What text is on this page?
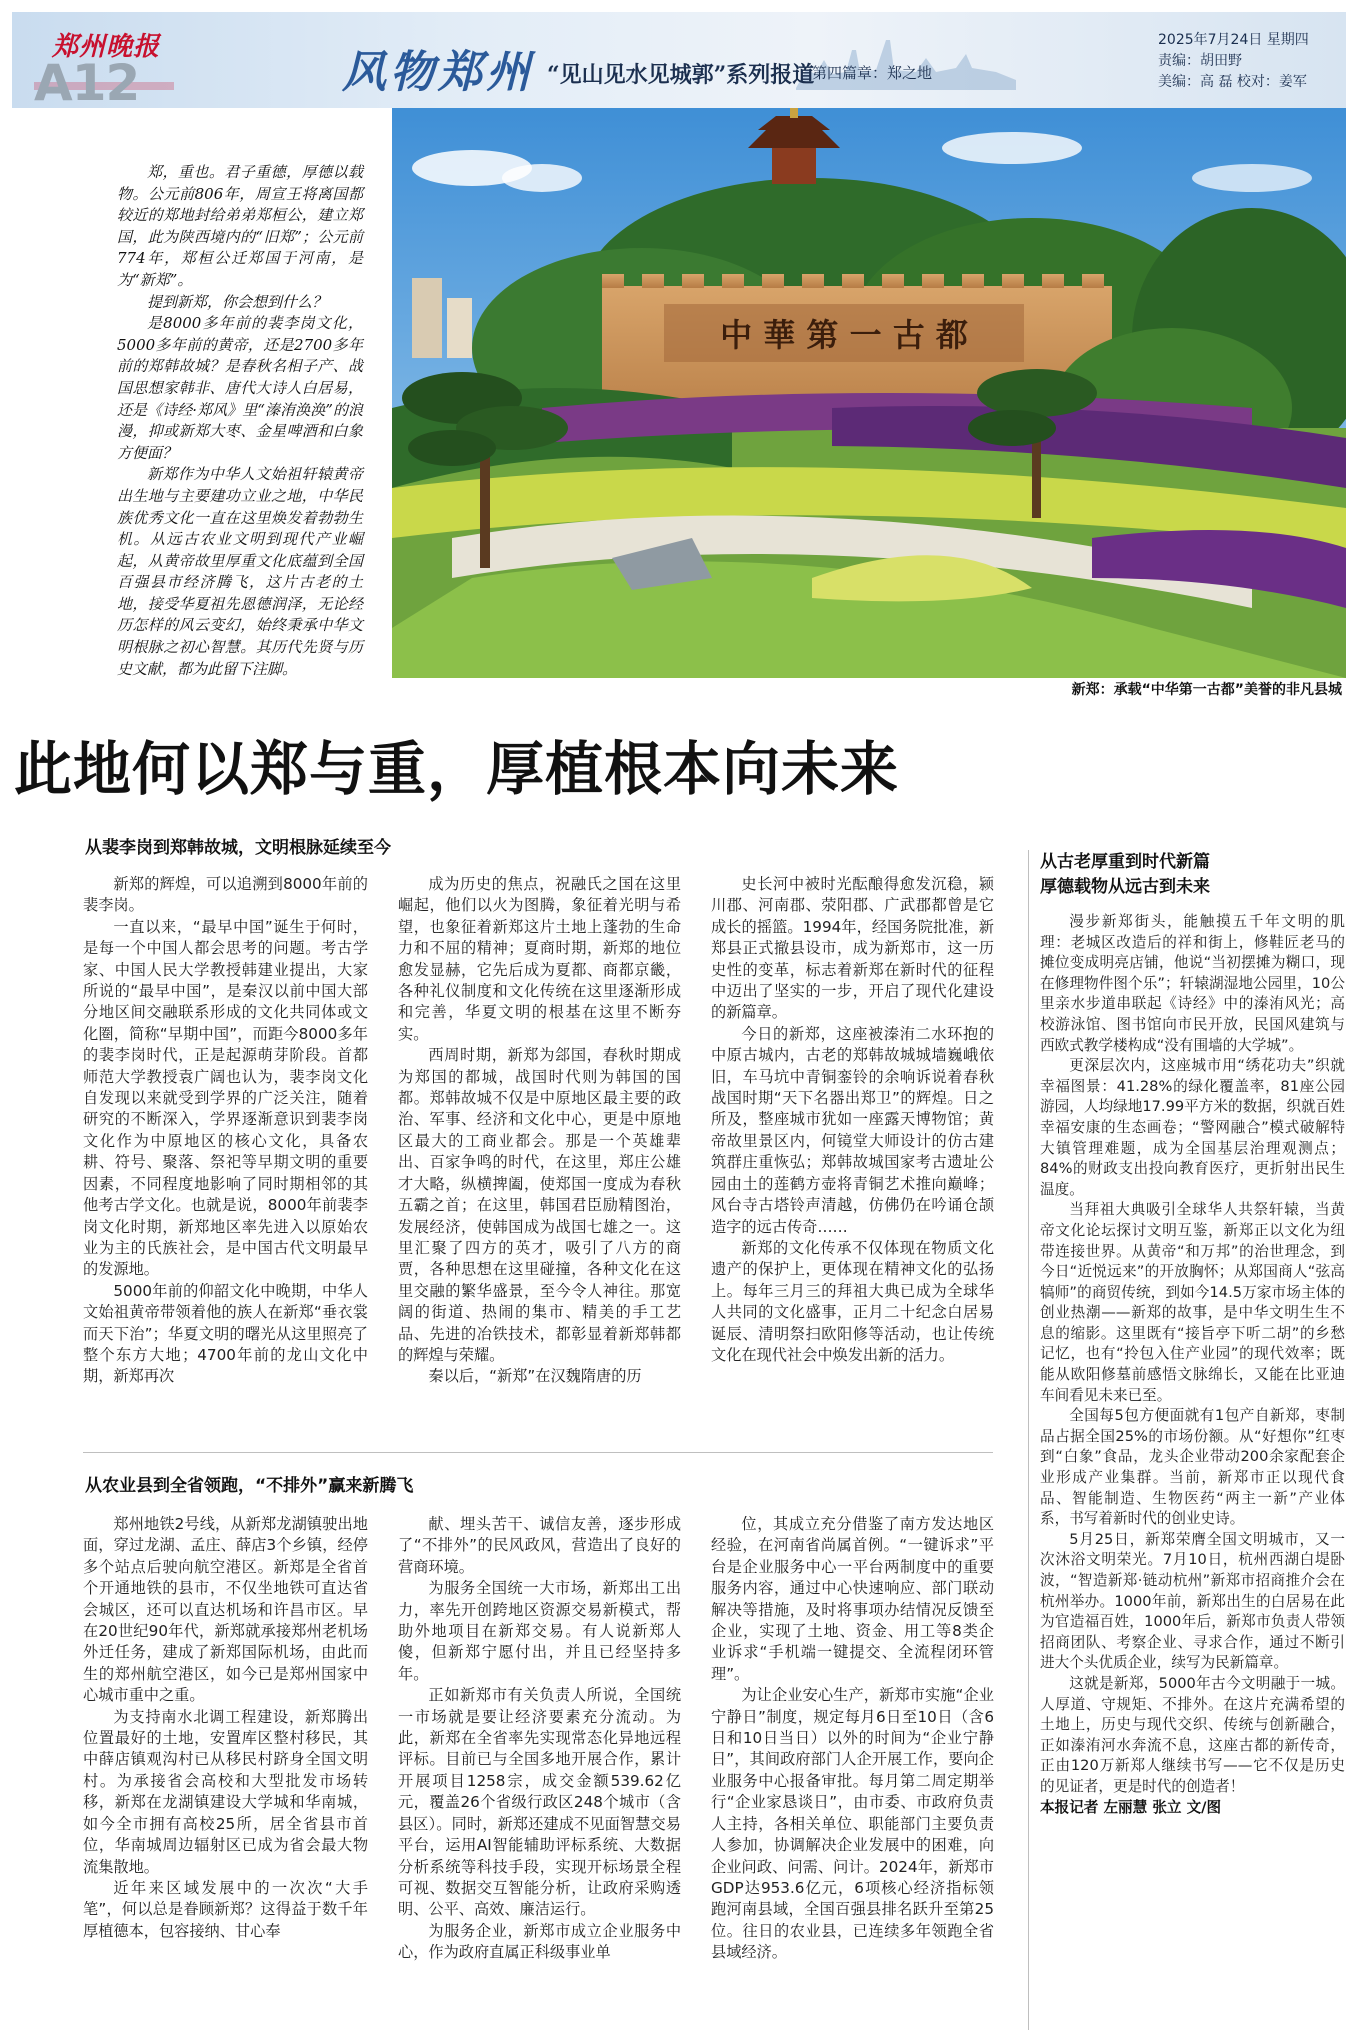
郑州晚报
A12	风物郑州 “见山见水见城郭”系列报道
第四篇章：郑之地
2025年7月24日 星期四
责编：胡田野
美编：高 磊 校对：姜军

郑，重也。君子重德，厚德以载物。公元前806年，周宣王将离国都较近的郑地封给弟弟郑桓公，建立郑国，此为陕西境内的“旧郑”；公元前774年，郑桓公迁郑国于河南，是为“新郑”。

提到新郑，你会想到什么？

是8000多年前的裴李岗文化，5000多年前的黄帝，还是2700多年前的郑韩故城？是春秋名相子产、战国思想家韩非、唐代大诗人白居易，还是《诗经·郑风》里“溱洧涣涣”的浪漫，抑或新郑大枣、金星啤酒和白象方便面？

新郑作为中华人文始祖轩辕黄帝出生地与主要建功立业之地，中华民族优秀文化一直在这里焕发着勃勃生机。从远古农业文明到现代产业崛起，从黄帝故里厚重文化底蕴到全国百强县市经济腾飞，这片古老的土地，接受华夏祖先恩德润泽，无论经历怎样的风云变幻，始终秉承中华文明根脉之初心智慧。其历代先贤与历史文献，都为此留下注脚。

中 華 第 一 古 都
新郑：承载“中华第一古都”美誉的非凡县城
此地何以郑与重，厚植根本向未来
从裴李岗到郑韩故城，文明根脉延续至今

新郑的辉煌，可以追溯到8000年前的裴李岗。

一直以来，“最早中国”诞生于何时，是每一个中国人都会思考的问题。考古学家、中国人民大学教授韩建业提出，大家所说的“最早中国”，是秦汉以前中国大部分地区间交融联系形成的文化共同体或文化圈，简称“早期中国”，而距今8000多年的裴李岗时代，正是起源萌芽阶段。首都师范大学教授袁广阔也认为，裴李岗文化自发现以来就受到学界的广泛关注，随着研究的不断深入，学界逐渐意识到裴李岗文化作为中原地区的核心文化，具备农耕、符号、聚落、祭祀等早期文明的重要因素，不同程度地影响了同时期相邻的其他考古学文化。也就是说，8000年前裴李岗文化时期，新郑地区率先进入以原始农业为主的氏族社会，是中国古代文明最早的发源地。

5000年前的仰韶文化中晚期，中华人文始祖黄帝带领着他的族人在新郑“垂衣裳而天下治”；华夏文明的曙光从这里照亮了整个东方大地；4700年前的龙山文化中期，新郑再次

成为历史的焦点，祝融氏之国在这里崛起，他们以火为图腾，象征着光明与希望，也象征着新郑这片土地上蓬勃的生命力和不屈的精神；夏商时期，新郑的地位愈发显赫，它先后成为夏都、商都京畿，各种礼仪制度和文化传统在这里逐渐形成和完善，华夏文明的根基在这里不断夯实。

西周时期，新郑为郐国，春秋时期成为郑国的都城，战国时代则为韩国的国都。郑韩故城不仅是中原地区最主要的政治、军事、经济和文化中心，更是中原地区最大的工商业都会。那是一个英雄辈出、百家争鸣的时代，在这里，郑庄公雄才大略，纵横捭阖，使郑国一度成为春秋五霸之首；在这里，韩国君臣励精图治，发展经济，使韩国成为战国七雄之一。这里汇聚了四方的英才，吸引了八方的商贾，各种思想在这里碰撞，各种文化在这里交融的繁华盛景，至今令人神往。那宽阔的街道、热闹的集市、精美的手工艺品、先进的冶铁技术，都彰显着新郑韩都的辉煌与荣耀。

秦以后，“新郑”在汉魏隋唐的历

史长河中被时光酝酿得愈发沉稳，颍川郡、河南郡、荥阳郡、广武郡都曾是它成长的摇篮。1994年，经国务院批准，新郑县正式撤县设市，成为新郑市，这一历史性的变革，标志着新郑在新时代的征程中迈出了坚实的一步，开启了现代化建设的新篇章。

今日的新郑，这座被溱洧二水环抱的中原古城内，古老的郑韩故城城墙巍峨依旧，车马坑中青铜銮铃的余响诉说着春秋战国时期“天下名器出郑卫”的辉煌。日之所及，整座城市犹如一座露天博物馆；黄帝故里景区内，何镜堂大师设计的仿古建筑群庄重恢弘；郑韩故城国家考古遗址公园由土的莲鹤方壶将青铜艺术推向巅峰；风台寺古塔铃声清越，仿佛仍在吟诵仓颉造字的远古传奇……

新郑的文化传承不仅体现在物质文化遗产的保护上，更体现在精神文化的弘扬上。每年三月三的拜祖大典已成为全球华人共同的文化盛事，正月二十纪念白居易诞辰、清明祭扫欧阳修等活动，也让传统文化在现代社会中焕发出新的活力。

从农业县到全省领跑，“不排外”赢来新腾飞

郑州地铁2号线，从新郑龙湖镇驶出地面，穿过龙湖、孟庄、薛店3个乡镇，经停多个站点后驶向航空港区。新郑是全省首个开通地铁的县市，不仅坐地铁可直达省会城区，还可以直达机场和许昌市区。早在20世纪90年代，新郑就承接郑州老机场外迁任务，建成了新郑国际机场，由此而生的郑州航空港区，如今已是郑州国家中心城市重中之重。

为支持南水北调工程建设，新郑腾出位置最好的土地，安置库区整村移民，其中薛店镇观沟村已从移民村跻身全国文明村。为承接省会高校和大型批发市场转移，新郑在龙湖镇建设大学城和华南城，如今全市拥有高校25所，居全省县市首位，华南城周边辐射区已成为省会最大物流集散地。

近年来区域发展中的一次次“大手笔”，何以总是眷顾新郑？这得益于数千年厚植德本，包容接纳、甘心奉

献、埋头苦干、诚信友善，逐步形成了“不排外”的民风政风，营造出了良好的营商环境。

为服务全国统一大市场，新郑出工出力，率先开创跨地区资源交易新模式，帮助外地项目在新郑交易。有人说新郑人傻，但新郑宁愿付出，并且已经坚持多年。

正如新郑市有关负责人所说，全国统一市场就是要让经济要素充分流动。为此，新郑在全省率先实现常态化异地远程评标。目前已与全国多地开展合作，累计开展项目1258宗，成交金额539.62亿元，覆盖26个省级行政区248个城市（含县区）。同时，新郑还建成不见面智慧交易平台，运用AI智能辅助评标系统、大数据分析系统等科技手段，实现开标场景全程可视、数据交互智能分析，让政府采购透明、公平、高效、廉洁运行。

为服务企业，新郑市成立企业服务中心，作为政府直属正科级事业单

位，其成立充分借鉴了南方发达地区经验，在河南省尚属首例。“一键诉求”平台是企业服务中心一平台两制度中的重要服务内容，通过中心快速响应、部门联动解决等措施，及时将事项办结情况反馈至企业，实现了土地、资金、用工等8类企业诉求“手机端一键提交、全流程闭环管理”。

为让企业安心生产，新郑市实施“企业宁静日”制度，规定每月6日至10日（含6日和10日当日）以外的时间为“企业宁静日”，其间政府部门人企开展工作，要向企业服务中心报备审批。每月第二周定期举行“企业家恳谈日”，由市委、市政府负责人主持，各相关单位、职能部门主要负责人参加，协调解决企业发展中的困难，向企业问政、问需、问计。2024年，新郑市GDP达953.6亿元，6项核心经济指标领跑河南县域，全国百强县排名跃升至第25位。往日的农业县，已连续多年领跑全省县域经济。

从古老厚重到时代新篇
厚德载物从远古到未来

漫步新郑街头，能触摸五千年文明的肌理：老城区改造后的祥和街上，修鞋匠老马的摊位变成明亮店铺，他说“当初摆摊为糊口，现在修理物件图个乐”；轩辕湖湿地公园里，10公里亲水步道串联起《诗经》中的溱洧风光；高校游泳馆、图书馆向市民开放，民国风建筑与西欧式教学楼构成“没有围墙的大学城”。

更深层次内，这座城市用“绣花功夫”织就幸福图景：41.28%的绿化覆盖率，81座公园游园，人均绿地17.99平方米的数据，织就百姓幸福安康的生态画卷；“警网融合”模式破解特大镇管理难题，成为全国基层治理观测点；84%的财政支出投向教育医疗，更折射出民生温度。

当拜祖大典吸引全球华人共祭轩辕，当黄帝文化论坛探讨文明互鉴，新郑正以文化为纽带连接世界。从黄帝“和万邦”的治世理念，到今日“近悦远来”的开放胸怀；从郑国商人“弦高犒师”的商贸传统，到如今14.5万家市场主体的创业热潮——新郑的故事，是中华文明生生不息的缩影。这里既有“接旨亭下听二胡”的乡愁记忆，也有“拎包入住产业园”的现代效率；既能从欧阳修墓前感悟文脉绵长，又能在比亚迪车间看见未来已至。

全国每5包方便面就有1包产自新郑，枣制品占据全国25%的市场份额。从“好想你”红枣到“白象”食品，龙头企业带动200余家配套企业形成产业集群。当前，新郑市正以现代食品、智能制造、生物医药“两主一新”产业体系，书写着新时代的创业史诗。

5月25日，新郑荣膺全国文明城市，又一次沐浴文明荣光。7月10日，杭州西湖白堤卧波，“智造新郑·链动杭州”新郑市招商推介会在杭州举办。1000年前，新郑出生的白居易在此为官造福百姓，1000年后，新郑市负责人带领招商团队、考察企业、寻求合作，通过不断引进大个头优质企业，续写为民新篇章。

这就是新郑，5000年古今文明融于一城。人厚道、守规矩、不排外。在这片充满希望的土地上，历史与现代交织、传统与创新融合，正如溱洧河水奔流不息，这座古都的新传奇，正由120万新郑人继续书写——它不仅是历史的见证者，更是时代的创造者！

本报记者 左丽慧 张立 文/图
